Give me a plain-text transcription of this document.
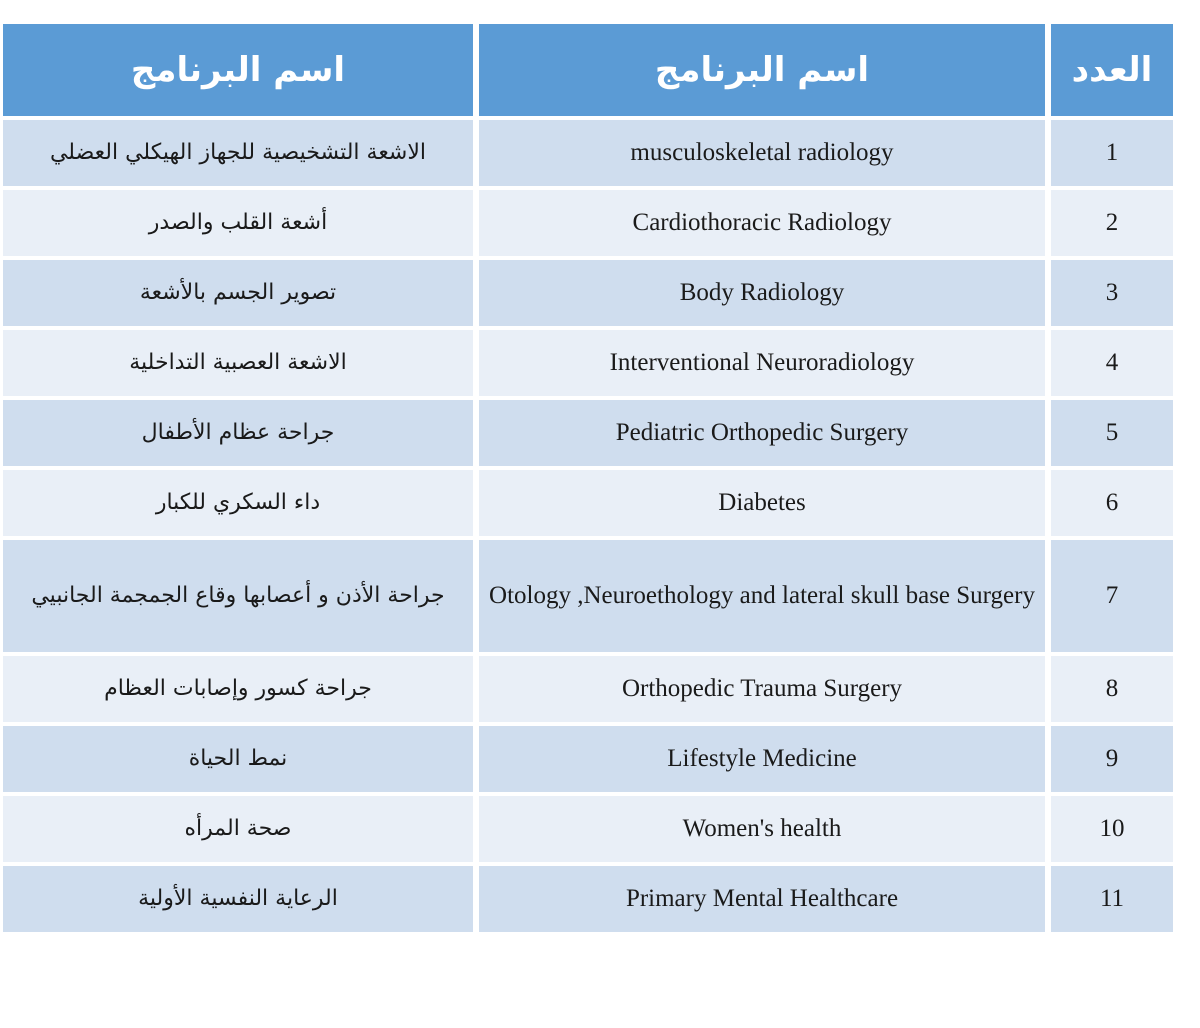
اسم البرنامج	اسم البرنامج	العدد
الاشعة التشخيصية للجهاز الهيكلي العضلي	musculoskeletal radiology	1
أشعة القلب والصدر	Cardiothoracic Radiology	2
تصوير الجسم بالأشعة	Body Radiology	3
الاشعة العصبية التداخلية	Interventional Neuroradiology	4
جراحة عظام الأطفال	Pediatric Orthopedic Surgery	5
داء السكري للكبار	Diabetes	6
جراحة الأذن و أعصابها وقاع الجمجمة الجانبيي	Otology ,Neuroethology and lateral skull base Surgery	7
جراحة كسور وإصابات العظام	Orthopedic Trauma Surgery	8
نمط الحياة	Lifestyle Medicine	9
صحة المرأه	Women's health	10
الرعاية النفسية الأولية	Primary Mental Healthcare	11
